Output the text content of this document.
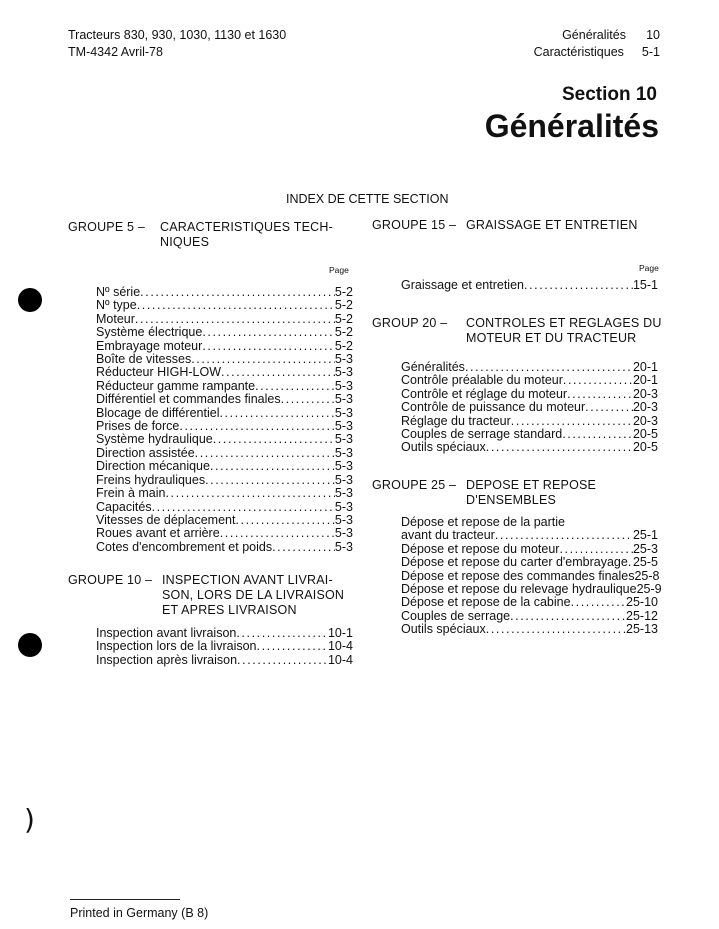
Tracteurs 830, 930, 1030, 1130 et 1630
TM-4342 Avril-78
Généralités 10
Caractéristiques 5-1
Section 10
Généralités
INDEX DE CETTE SECTION
)
GROUPE 5 – CARACTERISTIQUES TECH-
NIQUES
Page
Nº série .....	5-2
Nº type .....	5-2
Moteur .....	5-2
Système électrique .....	5-2
Embrayage moteur .....	5-2
Boîte de vitesses .....	5-3
Réducteur HIGH-LOW .....	5-3
Réducteur gamme rampante .....	5-3
Différentiel et commandes finales .....	5-3
Blocage de différentiel .....	5-3
Prises de force .....	5-3
Système hydraulique .....	5-3
Direction assistée .....	5-3
Direction mécanique .....	5-3
Freins hydrauliques .....	5-3
Frein à main .....	5-3
Capacités .....	5-3
Vitesses de déplacement .....	5-3
Roues avant et arrière .....	5-3
Cotes d'encombrement et poids .....	5-3
GROUPE 10 – INSPECTION AVANT LIVRAI-
SON, LORS DE LA LIVRAISON
ET APRES LIVRAISON
Inspection avant livraison .....	10-1
Inspection lors de la livraison .....	10-4
Inspection après livraison .....	10-4
GROUPE 15 – GRAISSAGE ET ENTRETIEN
Page
Graissage et entretien .....	15-1
GROUP 20 – CONTROLES ET REGLAGES DU
MOTEUR ET DU TRACTEUR
Généralités .....	20-1
Contrôle préalable du moteur .....	20-1
Contrôle et réglage du moteur .....	20-3
Contrôle de puissance du moteur .....	20-3
Réglage du tracteur .....	20-3
Couples de serrage standard .....	20-5
Outils spéciaux .....	20-5
GROUPE 25 – DEPOSE ET REPOSE
D'ENSEMBLES
Dépose et repose de la partie
avant du tracteur .....	25-1
Dépose et repose du moteur .....	25-3
Dépose et repose du carter d'embrayage ..... 25-5
Dépose et repose des commandes finales 25-8
Dépose et repose du relevage hydraulique 25-9
Dépose et repose de la cabine .....	25-10
Couples de serrage .....	25-12
Outils spéciaux .....	25-13
Printed in Germany (B 8)
